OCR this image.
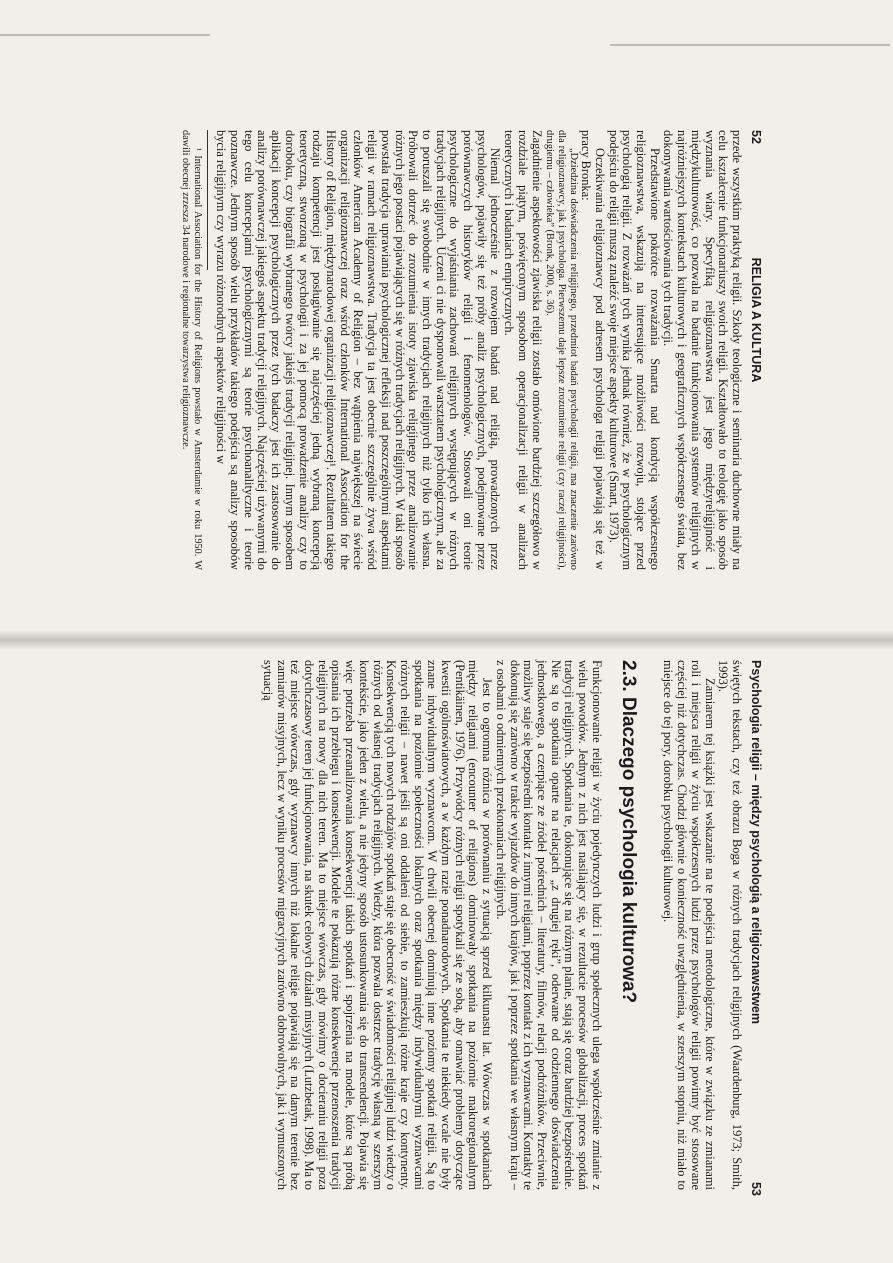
52
RELIGIA A KULTURA

przede wszystkim praktyką religii. Szkoły teologiczne i seminaria duchowne miały na celu kształcenie funkcjonariuszy swoich religii. Kształtowało to teologię jako sposób wyznania wiary. Specyfiką religioznawstwa jest jego międzyreligijność i międzykulturowość, co pozwala na badanie funkcjonowania systemów religijnych w najróżniejszych kontekstach kulturowych i geograficznych współczesnego świata, bez dokonywania wartościowania tych tradycji.

Przedstawione pokrótce rozważania Smarta nad kondycją współczesnego religioznawstwa, wskazują na interesujące możliwości rozwoju, stojące przed psychologią religii. Z rozważań tych wynika jednak również, że w psychologicznym podejściu do religii muszą znaleźć swoje miejsce aspekty kulturowe (Smart, 1973).

Oczekiwania religioznawcy pod adresem psychologa religii pojawiają się też w pracy Bronka:

„Dziedzina doświadczenia religijnego, przedmiot badań psychologii religii, ma znaczenie zarówno dla religioznawcy, jak i psychologa. Pierwszemu daje lepsze zrozumienie religii (czy raczej religijności), drugiemu – człowieka” (Bronk, 2000, s. 36).

Zagadnienie aspektowości zjawiska religii zostało omówione bardziej szczegółowo w rozdziale piątym, poświęconym sposobom operacjonalizacji religii w analizach teoretycznych i badaniach empirycznych.

Niemal jednocześnie z rozwojem badań nad religią, prowadzonych przez psychologów, pojawiły się też próby analiz psychologicznych, podejmowane przez porównawczych historyków religii i fenomenologów. Stosowali oni teorie psychologiczne do wyjaśniania zachowań religijnych występujących w różnych tradycjach religijnych. Uczeni ci nie dysponowali warsztatem psychologicznym, ale za to poruszali się swobodnie w innych tradycjach religijnych niż tylko ich własna. Próbowali dotrzeć do zrozumienia istoty zjawiska religijnego przez analizowanie różnych jego postaci pojawiających się w różnych tradycjach religijnych. W taki sposób powstała tradycja uprawiania psychologicznej refleksji nad poszczególnymi aspektami religii w ramach religioznawstwa. Tradycja ta jest obecnie szczególnie żywa wśród członków American Academy of Religion – bez wątpienia największej na świecie organizacji religioznawczej oraz wśród członków International Association for the History of Religion, międzynarodowej organizacji religioznawczej¹. Rezultatem takiego rodzaju kompetencji jest posługiwanie się najczęściej jedną wybraną koncepcją teoretyczną, stworzoną w psychologii i za jej pomocą prowadzenie analizy czy to doroboku, czy biografii wybranego twórcy jakiejś tradycji religijnej. Innym sposobem aplikacji koncepcji psychologicznych przez tych badaczy jest ich zastosowanie do analizy porównawczej jakiegoś aspektu tradycji religijnych. Najczęściej używanymi do tego celu koncepcjami psychologicznymi są teorie psychoanalityczne i teorie poznawcze. Jednym sposób wielu przykładów takiego podejścia są analizy sposobów bycia religijnym czy wyrazu różnorodnych aspektów religijności w

¹ International Association for the History of Religions powstało w Amsterdamie w roku 1950. W dawili obecnej zrzesza 34 narodowe i regionalne towarzystwa religioznawcze.

Psychologia religii – między psychologią a religioznawstwem
53

świętych tekstach, czy też obrazu Boga w różnych tradycjach religijnych (Waardenburg, 1973; Smith, 1993).

Zamiarem tej książki jest wskazanie na te podejścia metodologiczne, które w związku ze zmianami roli i miejsca religii w życiu współczesnych ludzi przez psychologów religii powinny być stosowane częściej niż dotychczas. Chodzi głównie o konieczność uwzględnienia, w szerszym stopniu, niż miało to miejsce do tej pory, dorobku psychologii kulturowej.

2.3. Dlaczego psychologia kulturowa?

Funkcjonowanie religii w życiu pojedynczych ludzi i grup społecznych ulega współcześnie zmianie z wielu powodów. Jednym z nich jest nasilający się, w rezultacie procesów globalizacji, proces spotkań tradycji religijnych. Spotkania te, dokonujące się na różnym planie, stają się coraz bardziej bezpośrednie. Nie są to spotkania oparte na relacjach „z drugiej ręki”, oderwane od codziennego doświadczenia jednostkowego, a czerpiące ze źródeł pośrednich – literatury, filmów, relacji podróżników. Przeciwnie, możliwy staje się bezpośredni kontakt z innymi religiami, poprzez kontakt z ich wyznawcami. Kontakty te dokonują się zarówno w trakcie wyjazdów do innych krajów, jak i poprzez spotkania we własnym kraju – z osobami o odmiennych przekonaniach religijnych.

Jest to ogromna różnica w porównaniu z sytuacją sprzed kilkunastu lat. Wówczas w spotkaniach między religiami (encounter of religions) dominowały spotkania na poziomie makroregionalnym (Pentikäinen, 1976). Przywódcy różnych religii spotykali się ze sobą, aby omawiać problemy dotyczące kwestii ogólnoświatowych, a w każdym razie ponadnarodowych. Spotkania te niekiedy wcale nie były znane indywidualnym wyznawcom. W chwili obecnej dominują inne poziomy spotkań religii. Są to spotkania na poziomie społeczności lokalnych oraz spotkania między indywidualnymi wyznawcami różnych religii – nawet jeśli są oni oddaleni od siebie, to zamieszkują różne kraje czy kontynenty. Konsekwencją tych nowych rodzajów spotkań staje się obecność w świadomości religijnej ludzi wiedzy o różnych od własnej tradycjach religijnych. Wiedzy, która pozwala dostrzec tradycję własną w szerszym kontekście, jako jeden z wielu, a nie jedyny sposób ustosunkowania się do transcendencji. Pojawia się więc potrzeba przeanalizowania konsekwencji takich spotkań i spojrzenia na modele, które są próbą opisania ich przebiegu i konsekwencji. Modele te pokazują różne konsekwencje przenoszenia tradycji religijnych na nowy dla nich teren. Ma to miejsce wówczas, gdy mówimy o docieraniu religii poza dotychczasowy teren jej funkcjonowania, na skutek celowych działań misyjnych (Lutzbetak, 1998). Ma to też miejsce wówczas, gdy wyznawcy innych niż lokalne religie pojawiają się na danym terenie bez zamiarów misyjnych, lecz w wyniku procesów migracyjnych zarówno dobrowolnych, jak i wymuszonych sytuacją
